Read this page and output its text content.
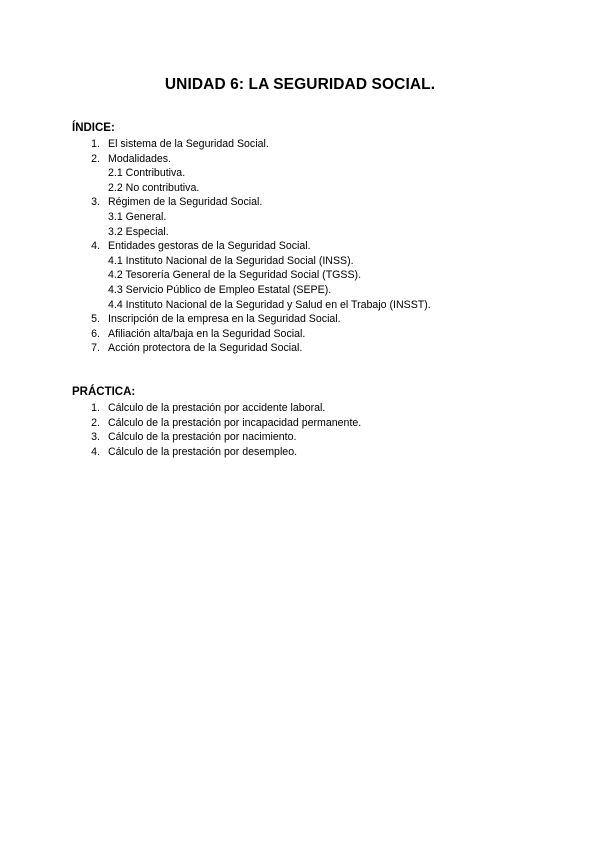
UNIDAD 6: LA SEGURIDAD SOCIAL.
ÍNDICE:
1. El sistema de la Seguridad Social.
2. Modalidades.
2.1 Contributiva.
2.2 No contributiva.
3. Régimen de la Seguridad Social.
3.1 General.
3.2 Especial.
4. Entidades gestoras de la Seguridad Social.
4.1 Instituto Nacional de la Seguridad Social (INSS).
4.2 Tesorería General de la Seguridad Social (TGSS).
4.3 Servicio Público de Empleo Estatal (SEPE).
4.4 Instituto Nacional de la Seguridad y Salud en el Trabajo (INSST).
5. Inscripción de la empresa en la Seguridad Social.
6. Afiliación alta/baja en la Seguridad Social.
7. Acción protectora de la Seguridad Social.
PRÁCTICA:
1. Cálculo de la prestación por accidente laboral.
2. Cálculo de la prestación por incapacidad permanente.
3. Cálculo de la prestación por nacimiento.
4. Cálculo de la prestación por desempleo.
